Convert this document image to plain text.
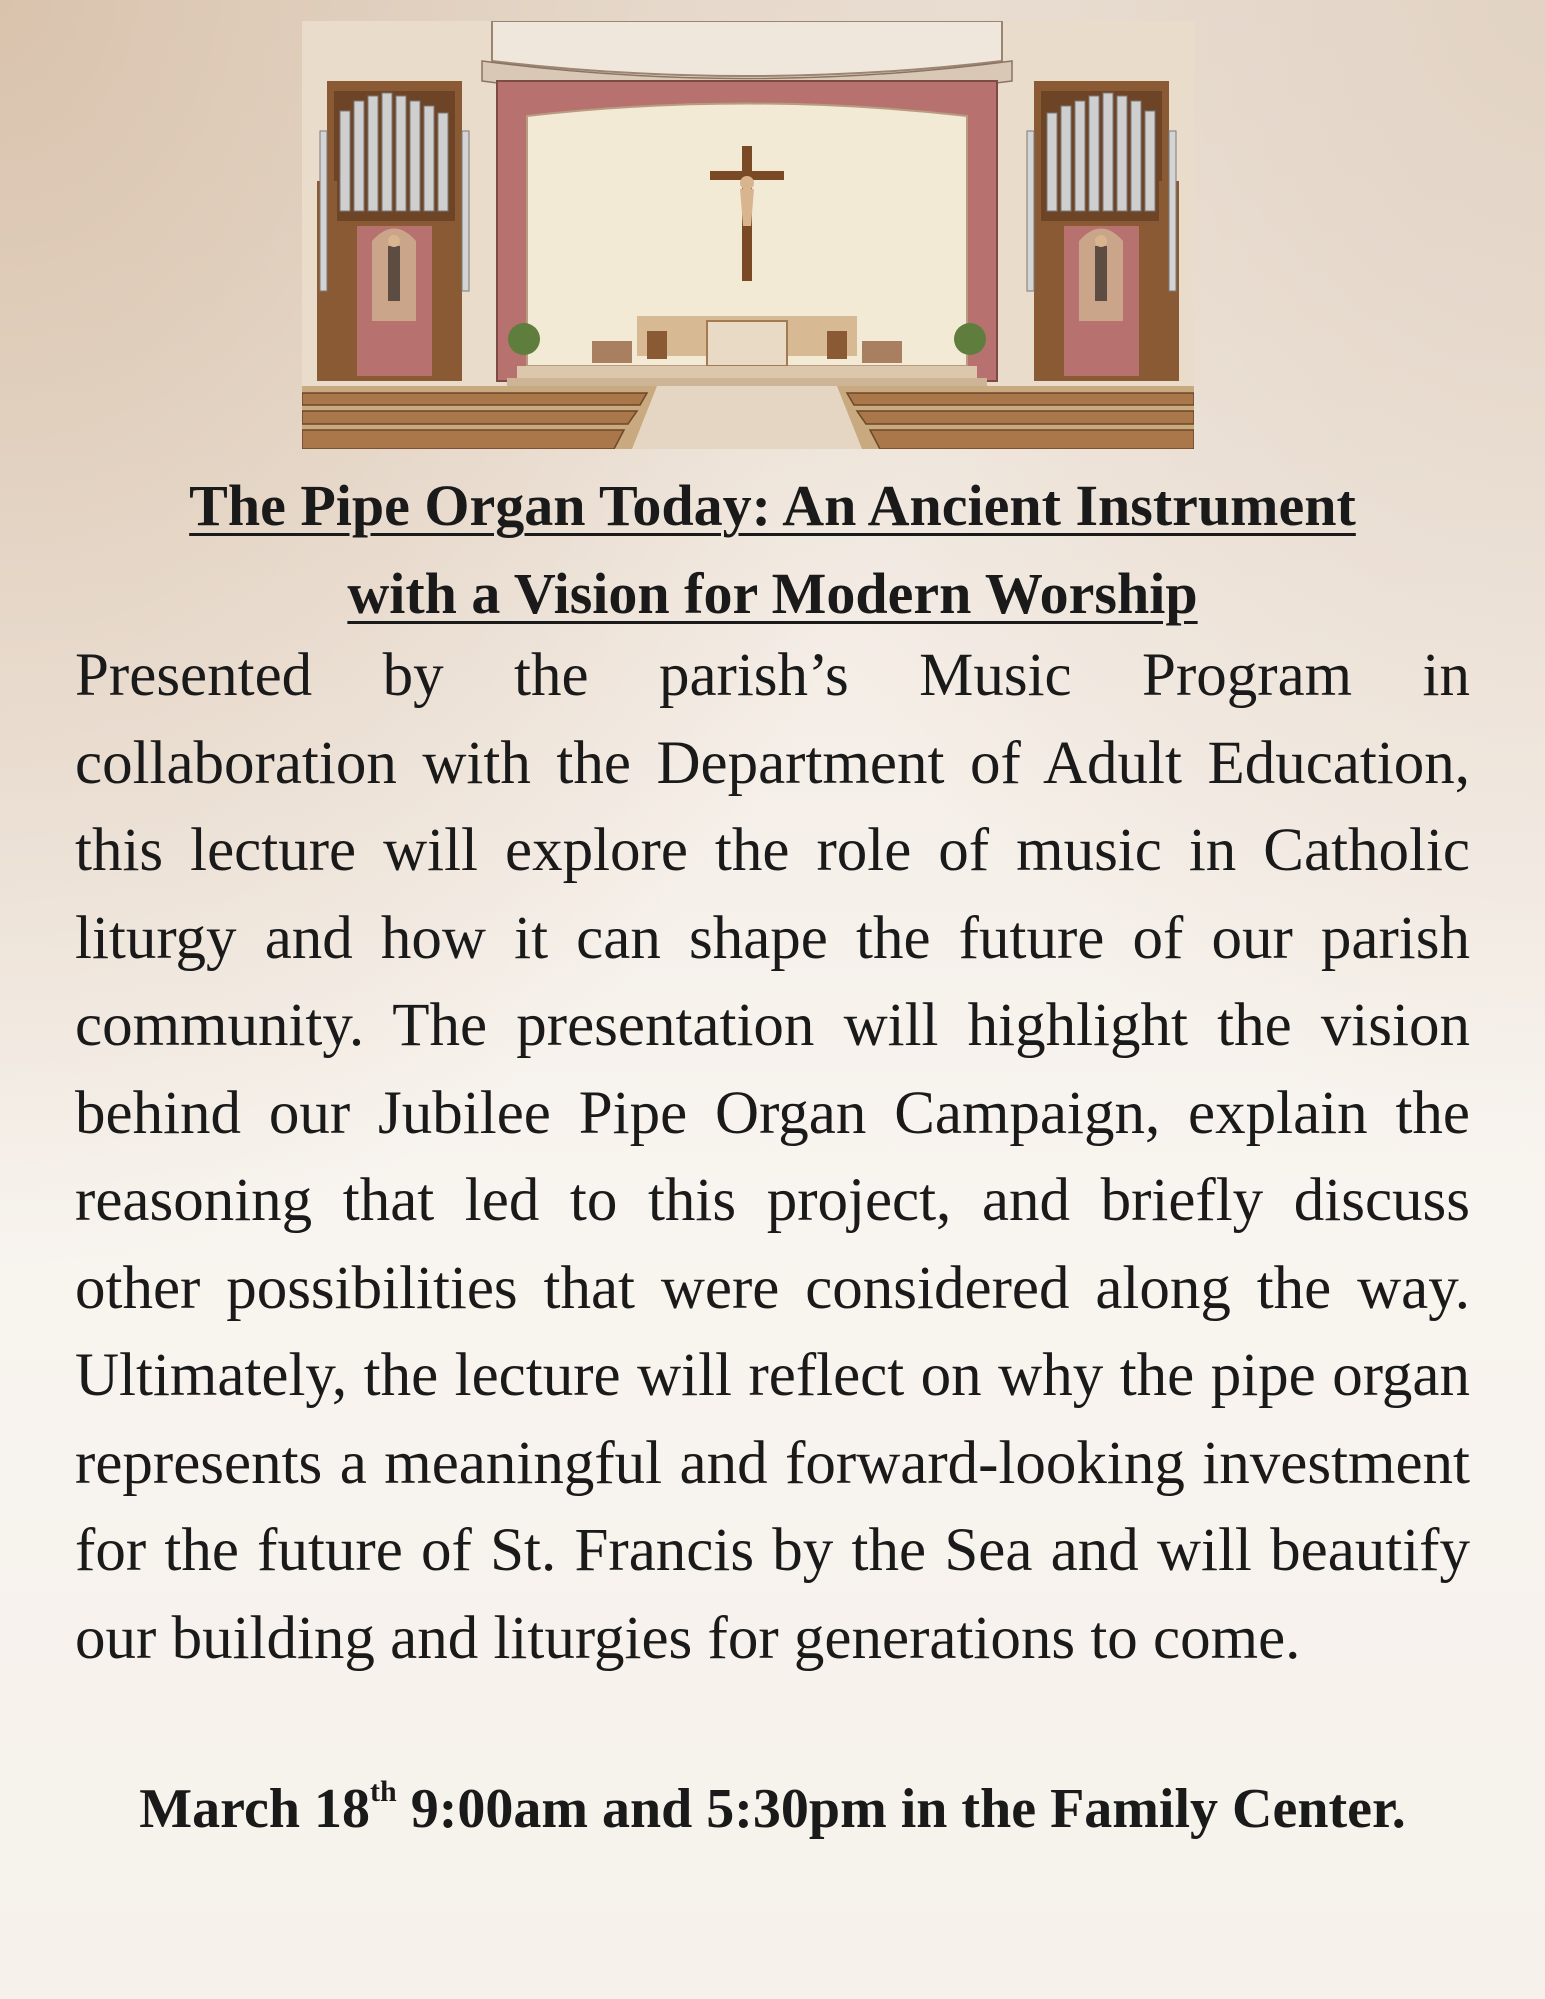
The Pipe Organ Today: An Ancient Instrument
with a Vision for Modern Worship

Presented by the parish’s Music Program in collaboration with the Department of Adult Education, this lecture will explore the role of music in Catholic liturgy and how it can shape the future of our parish community. The presentation will highlight the vision behind our Jubilee Pipe Organ Campaign, explain the reasoning that led to this project, and briefly discuss other possibilities that were considered along the way. Ultimately, the lecture will reflect on why the pipe organ represents a meaningful and forward-looking investment for the future of St. Francis by the Sea and will beautify our building and liturgies for generations to come.

March 18th 9:00am and 5:30pm in the Family Center.
